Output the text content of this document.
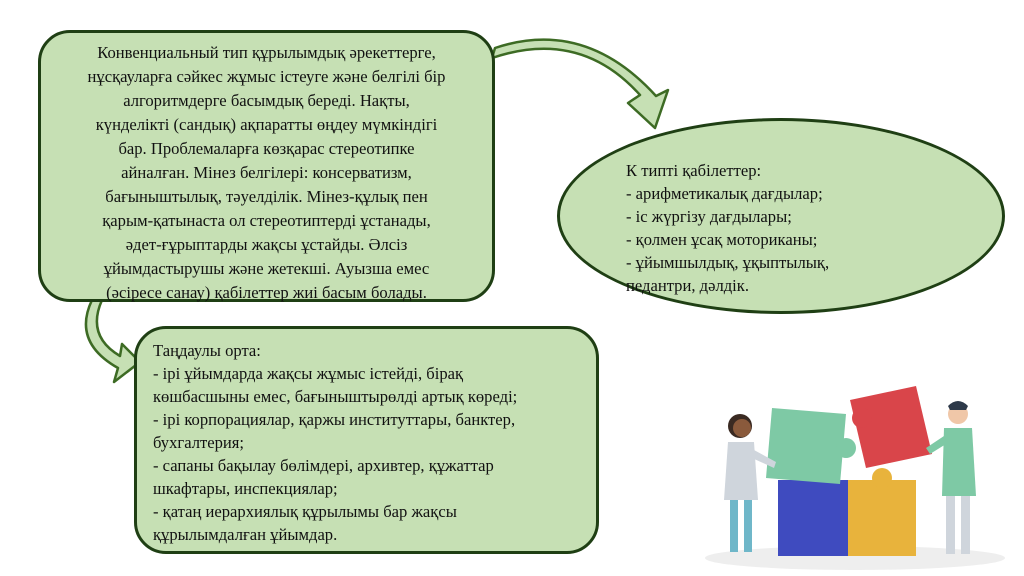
Конвенциальный тип құрылымдық әрекеттерге,
нұсқауларға сәйкес жұмыс істеуге және белгілі бір
алгоритмдерге басымдық береді. Нақты,
күнделікті (сандық) ақпаратты өңдеу мүмкіндігі
бар. Проблемаларға көзқарас стереотипке
айналған. Мінез белгілері: консерватизм,
бағыныштылық, тәуелділік. Мінез-құлық пен
қарым-қатынаста ол стереотиптерді ұстанады,
әдет-ғұрыптарды жақсы ұстайды. Әлсіз
ұйымдастырушы және жетекші. Ауызша емес
(әсіресе санау) қабілеттер жиі басым болады.
К типті қабілеттер:
- арифметикалық дағдылар;
- іс жүргізу дағдылары;
- қолмен ұсақ моториканы;
- ұйымшылдық, ұқыптылық,
педантри, дәлдік.
Таңдаулы орта:
- ірі ұйымдарда жақсы жұмыс істейді, бірақ
көшбасшыны емес, бағыныштырөлді артық көреді;
- ірі корпорациялар, қаржы институттары, банктер,
бухгалтерия;
- сапаны бақылау бөлімдері, архивтер, құжаттар
шкафтары, инспекциялар;
- қатаң иерархиялық құрылымы бар жақсы
құрылымдалған ұйымдар.
